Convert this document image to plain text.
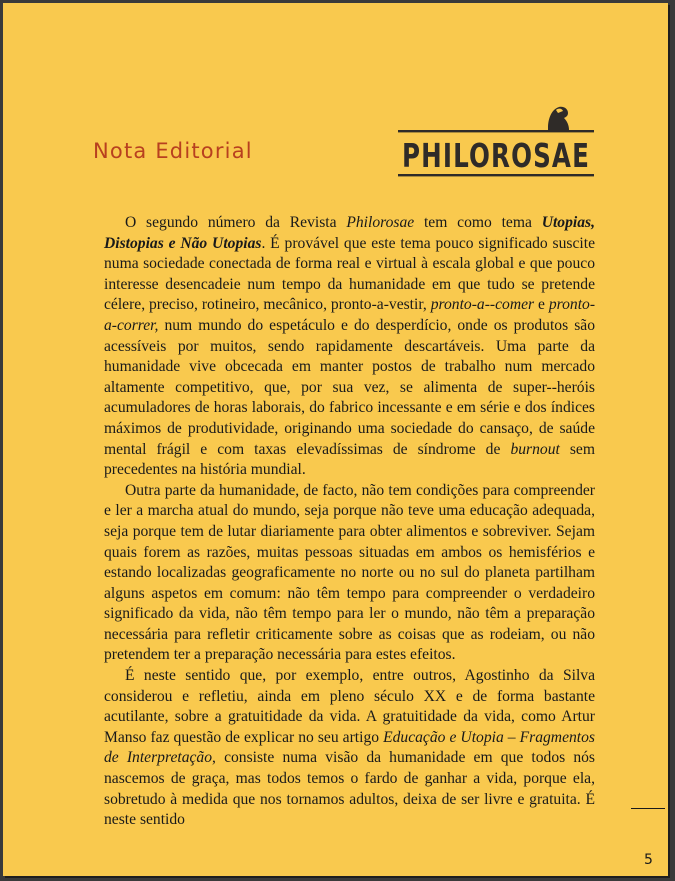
Nota Editorial	PHILOROSAE

O segundo número da Revista Philorosae tem como tema Utopias, Distopias e Não Utopias. É provável que este tema pouco significado suscite numa sociedade conectada de forma real e virtual à escala global e que pouco interesse desencadeie num tempo da humanidade em que tudo se pretende célere, preciso, rotineiro, mecânico, pronto-a-vestir, pronto-a--comer e pronto-a-correr, num mundo do espetáculo e do desperdício, onde os produtos são acessíveis por muitos, sendo rapidamente descartáveis. Uma parte da humanidade vive obcecada em manter postos de trabalho num mercado altamente competitivo, que, por sua vez, se alimenta de super--heróis acumuladores de horas laborais, do fabrico incessante e em série e dos índices máximos de produtividade, originando uma sociedade do cansaço, de saúde mental frágil e com taxas elevadíssimas de síndrome de burnout sem precedentes na história mundial.

Outra parte da humanidade, de facto, não tem condições para compreender e ler a marcha atual do mundo, seja porque não teve uma educação adequada, seja porque tem de lutar diariamente para obter alimentos e sobreviver. Sejam quais forem as razões, muitas pessoas situadas em ambos os hemisférios e estando localizadas geograficamente no norte ou no sul do planeta partilham alguns aspetos em comum: não têm tempo para compreender o verdadeiro significado da vida, não têm tempo para ler o mundo, não têm a preparação necessária para refletir criticamente sobre as coisas que as rodeiam, ou não pretendem ter a preparação necessária para estes efeitos.

É neste sentido que, por exemplo, entre outros, Agostinho da Silva considerou e refletiu, ainda em pleno século XX e de forma bastante acutilante, sobre a gratuitidade da vida. A gratuitidade da vida, como Artur Manso faz questão de explicar no seu artigo Educação e Utopia – Fragmentos de Interpretação, consiste numa visão da humanidade em que todos nós nascemos de graça, mas todos temos o fardo de ganhar a vida, porque ela, sobretudo à medida que nos tornamos adultos, deixa de ser livre e gratuita. É neste sentido

5
